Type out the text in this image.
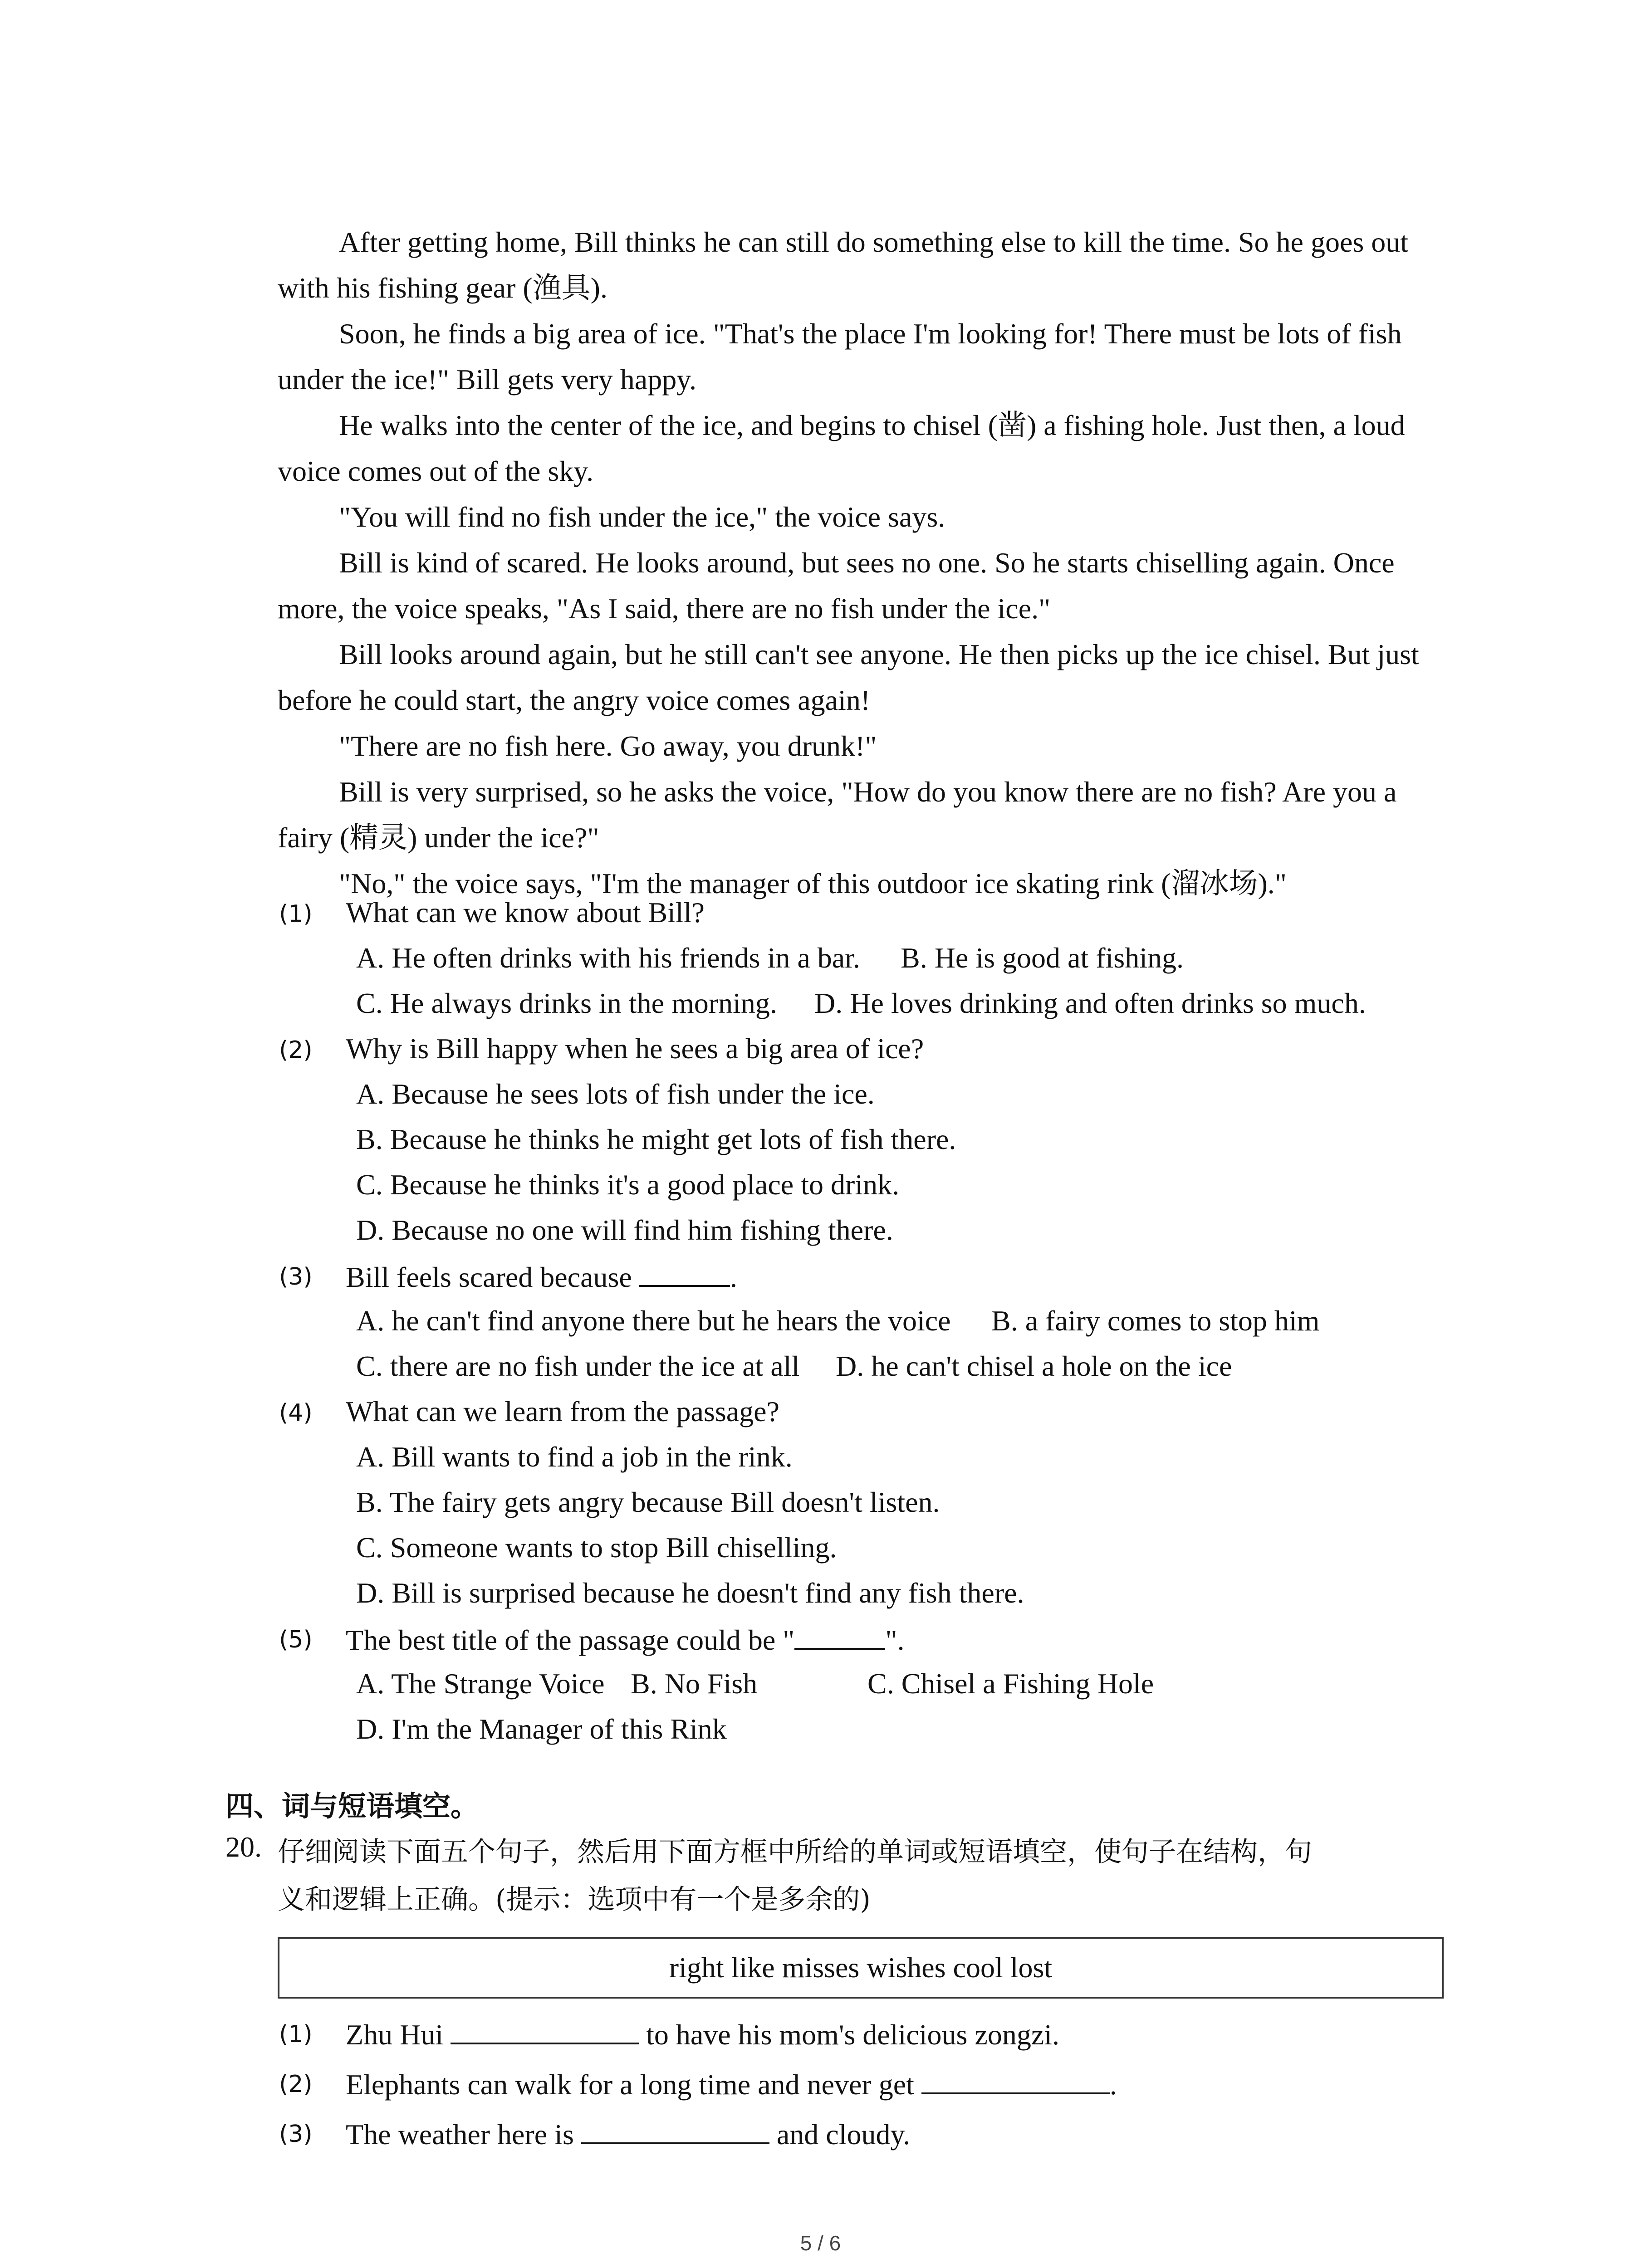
After getting home, Bill thinks he can still do something else to kill the time. So he goes out with his fishing gear (渔具).

Soon, he finds a big area of ice. "That's the place I'm looking for! There must be lots of fish under the ice!" Bill gets very happy.

He walks into the center of the ice, and begins to chisel (凿) a fishing hole. Just then, a loud voice comes out of the sky.

"You will find no fish under the ice," the voice says.

Bill is kind of scared. He looks around, but sees no one. So he starts chiselling again. Once more, the voice speaks, "As I said, there are no fish under the ice."

Bill looks around again, but he still can't see anyone. He then picks up the ice chisel. But just before he could start, the angry voice comes again!

"There are no fish here. Go away, you drunk!"

Bill is very surprised, so he asks the voice, "How do you know there are no fish? Are you a fairy (精灵) under the ice?"

"No," the voice says, "I'm the manager of this outdoor ice skating rink (溜冰场)."

(1) What can we know about Bill?
A. He often drinks with his friends in a bar. B. He is good at fishing.
C. He always drinks in the morning. D. He loves drinking and often drinks so much.
(2) Why is Bill happy when he sees a big area of ice?
A. Because he sees lots of fish under the ice.
B. Because he thinks he might get lots of fish there.
C. Because he thinks it's a good place to drink.
D. Because no one will find him fishing there.
(3) Bill feels scared because	.
A. he can't find anyone there but he hears the voice B. a fairy comes to stop him
C. there are no fish under the ice at all D. he can't chisel a hole on the ice
(4) What can we learn from the passage?
A. Bill wants to find a job in the rink.
B. The fairy gets angry because Bill doesn't listen.
C. Someone wants to stop Bill chiselling.
D. Bill is surprised because he doesn't find any fish there.
(5) The best title of the passage could be "	".
A. The Strange Voice B. No Fish	C. Chisel a Fishing Hole
D. I'm the Manager of this Rink
四、词与短语填空。
20. 仔细阅读下面五个句子，然后用下面方框中所给的单词或短语填空，使句子在结构，句
义和逻辑上正确。(提示：选项中有一个是多余的)
right like misses wishes cool lost
(1) Zhu Hui	to have his mom's delicious zongzi.
(2) Elephants can walk for a long time and never get	.
(3) The weather here is	and cloudy.
5 / 6
